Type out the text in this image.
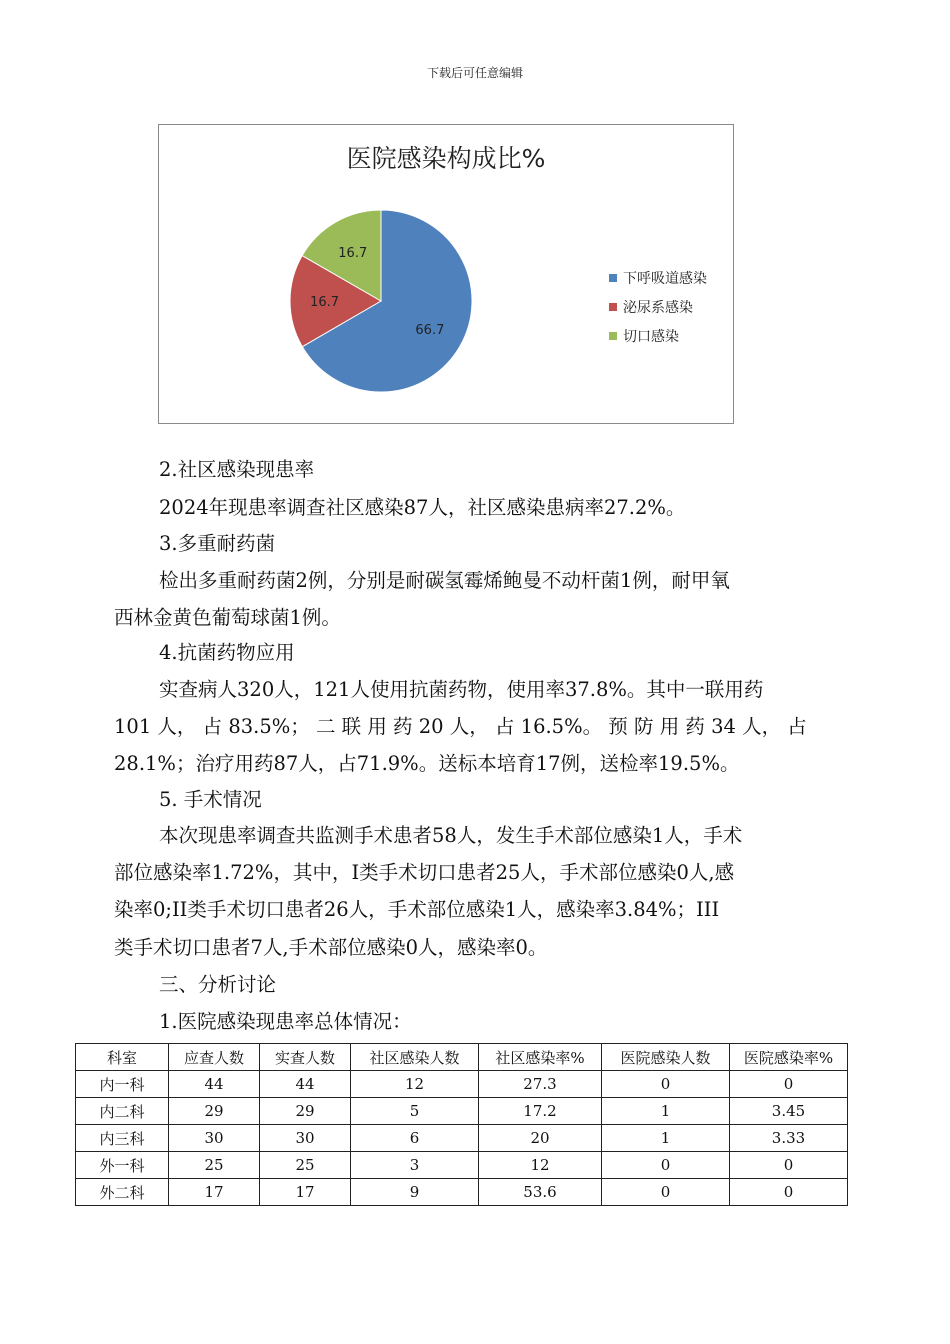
下载后可任意编辑
66.7
16.7
16.7
医院感染构成比%
下呼吸道感染
泌尿系感染
切口感染
2.社区感染现患率
2024年现患率调查社区感染87人，社区感染患病率27.2%。
3.多重耐药菌
检出多重耐药菌2例，分别是耐碳氢霉烯鲍曼不动杆菌1例，耐甲氧
西林金黄色葡萄球菌1例。
4.抗菌药物应用
实查病人320人，121人使用抗菌药物，使用率37.8%。其中一联用药
101 人， 占 83.5%； 二 联 用 药 20 人， 占 16.5%。 预 防 用 药 34 人， 占
28.1%；治疗用药87人，占71.9%。送标本培育17例，送检率19.5%。
5. 手术情况
本次现患率调查共监测手术患者58人，发生手术部位感染1人，手术
部位感染率1.72%，其中，I类手术切口患者25人，手术部位感染0人,感
染率0;II类手术切口患者26人，手术部位感染1人，感染率3.84%；III
类手术切口患者7人,手术部位感染0人，感染率0。
三、分析讨论
1.医院感染现患率总体情况：
科室	应查人数	实查人数	社区感染人数	社区感染率%	医院感染人数	医院感染率%
内一科	44	44	12	27.3	0	0
内二科	29	29	5	17.2	1	3.45
内三科	30	30	6	20	1	3.33
外一科	25	25	3	12	0	0
外二科	17	17	9	53.6	0	0
